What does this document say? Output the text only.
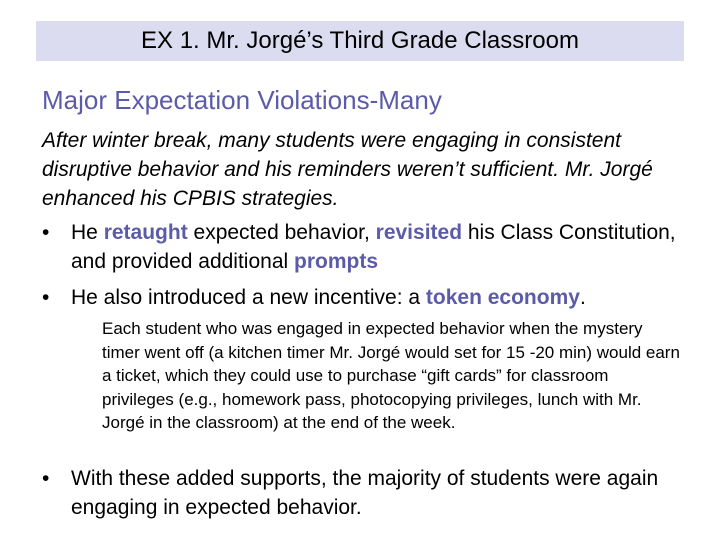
EX 1. Mr. Jorgé’s Third Grade Classroom
Major Expectation Violations-Many

After winter break, many students were engaging in consistent disruptive behavior and his reminders weren’t sufficient. Mr. Jorgé enhanced his CPBIS strategies.

•	He retaught expected behavior, revisited his Class Constitution, and provided additional prompts
•	He also introduced a new incentive: a token economy.

Each student who was engaged in expected behavior when the mystery timer went off (a kitchen timer Mr. Jorgé would set for 15 -20 min) would earn a ticket, which they could use to purchase “gift cards” for classroom privileges (e.g., homework pass, photocopying privileges, lunch with Mr. Jorgé in the classroom) at the end of the week.

•	With these added supports, the majority of students were again engaging in expected behavior.
